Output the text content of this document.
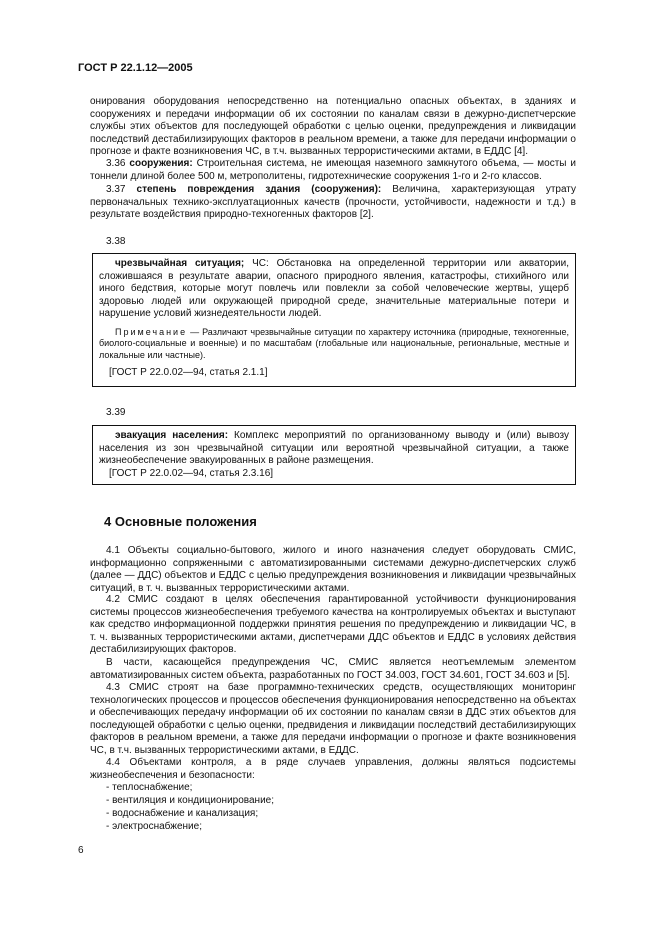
ГОСТ Р 22.1.12—2005
онирования оборудования непосредственно на потенциально опасных объектах, в зданиях и сооружениях и передачи информации об их состоянии по каналам связи в дежурно-диспетчерские службы этих объектов для последующей обработки с целью оценки, предупреждения и ликвидации последствий дестабилизирующих факторов в реальном времени, а также для передачи информации о прогнозе и факте возникновения ЧС, в т.ч. вызванных террористическими актами, в ЕДДС [4].
3.36 сооружения: Строительная система, не имеющая наземного замкнутого объема, — мосты и тоннели длиной более 500 м, метрополитены, гидротехнические сооружения 1-го и 2-го классов.
3.37 степень повреждения здания (сооружения): Величина, характеризующая утрату первоначальных технико-эксплуатационных качеств (прочности, устойчивости, надежности и т.д.) в результате воздействия природно-техногенных факторов [2].
3.38
чрезвычайная ситуация; ЧС: Обстановка на определенной территории или акватории, сложившаяся в результате аварии, опасного природного явления, катастрофы, стихийного или иного бедствия, которые могут повлечь или повлекли за собой человеческие жертвы, ущерб здоровью людей или окружающей природной среде, значительные материальные потери и нарушение условий жизнедеятельности людей.
Примечание — Различают чрезвычайные ситуации по характеру источника (природные, техногенные, биолого-социальные и военные) и по масштабам (глобальные или национальные, региональные, местные и локальные или частные).
[ГОСТ Р 22.0.02—94, статья 2.1.1]
3.39
эвакуация населения: Комплекс мероприятий по организованному выводу и (или) вывозу населения из зон чрезвычайной ситуации или вероятной чрезвычайной ситуации, а также жизнеобеспечение эвакуированных в районе размещения.
[ГОСТ Р 22.0.02—94, статья 2.3.16]
4 Основные положения
4.1 Объекты социально-бытового, жилого и иного назначения следует оборудовать СМИС, информационно сопряженными с автоматизированными системами дежурно-диспетчерских служб (далее — ДДС) объектов и ЕДДС с целью предупреждения возникновения и ликвидации чрезвычайных ситуаций, в т. ч. вызванных террористическими актами.
4.2 СМИС создают в целях обеспечения гарантированной устойчивости функционирования системы процессов жизнеобеспечения требуемого качества на контролируемых объектах и выступают как средство информационной поддержки принятия решения по предупреждению и ликвидации ЧС, в т. ч. вызванных террористическими актами, диспетчерами ДДС объектов и ЕДДС в условиях действия дестабилизирующих факторов.
В части, касающейся предупреждения ЧС, СМИС является неотъемлемым элементом автоматизированных систем объекта, разработанных по ГОСТ 34.003, ГОСТ 34.601, ГОСТ 34.603 и [5].
4.3 СМИС строят на базе программно-технических средств, осуществляющих мониторинг технологических процессов и процессов обеспечения функционирования непосредственно на объектах и обеспечивающих передачу информации об их состоянии по каналам связи в ДДС этих объектов для последующей обработки с целью оценки, предвидения и ликвидации последствий дестабилизирующих факторов в реальном времени, а также для передачи информации о прогнозе и факте возникновения ЧС, в т.ч. вызванных террористическими актами, в ЕДДС.
4.4 Объектами контроля, а в ряде случаев управления, должны являться подсистемы жизнеобеспечения и безопасности:
- теплоснабжение;
- вентиляция и кондиционирование;
- водоснабжение и канализация;
- электроснабжение;
6
